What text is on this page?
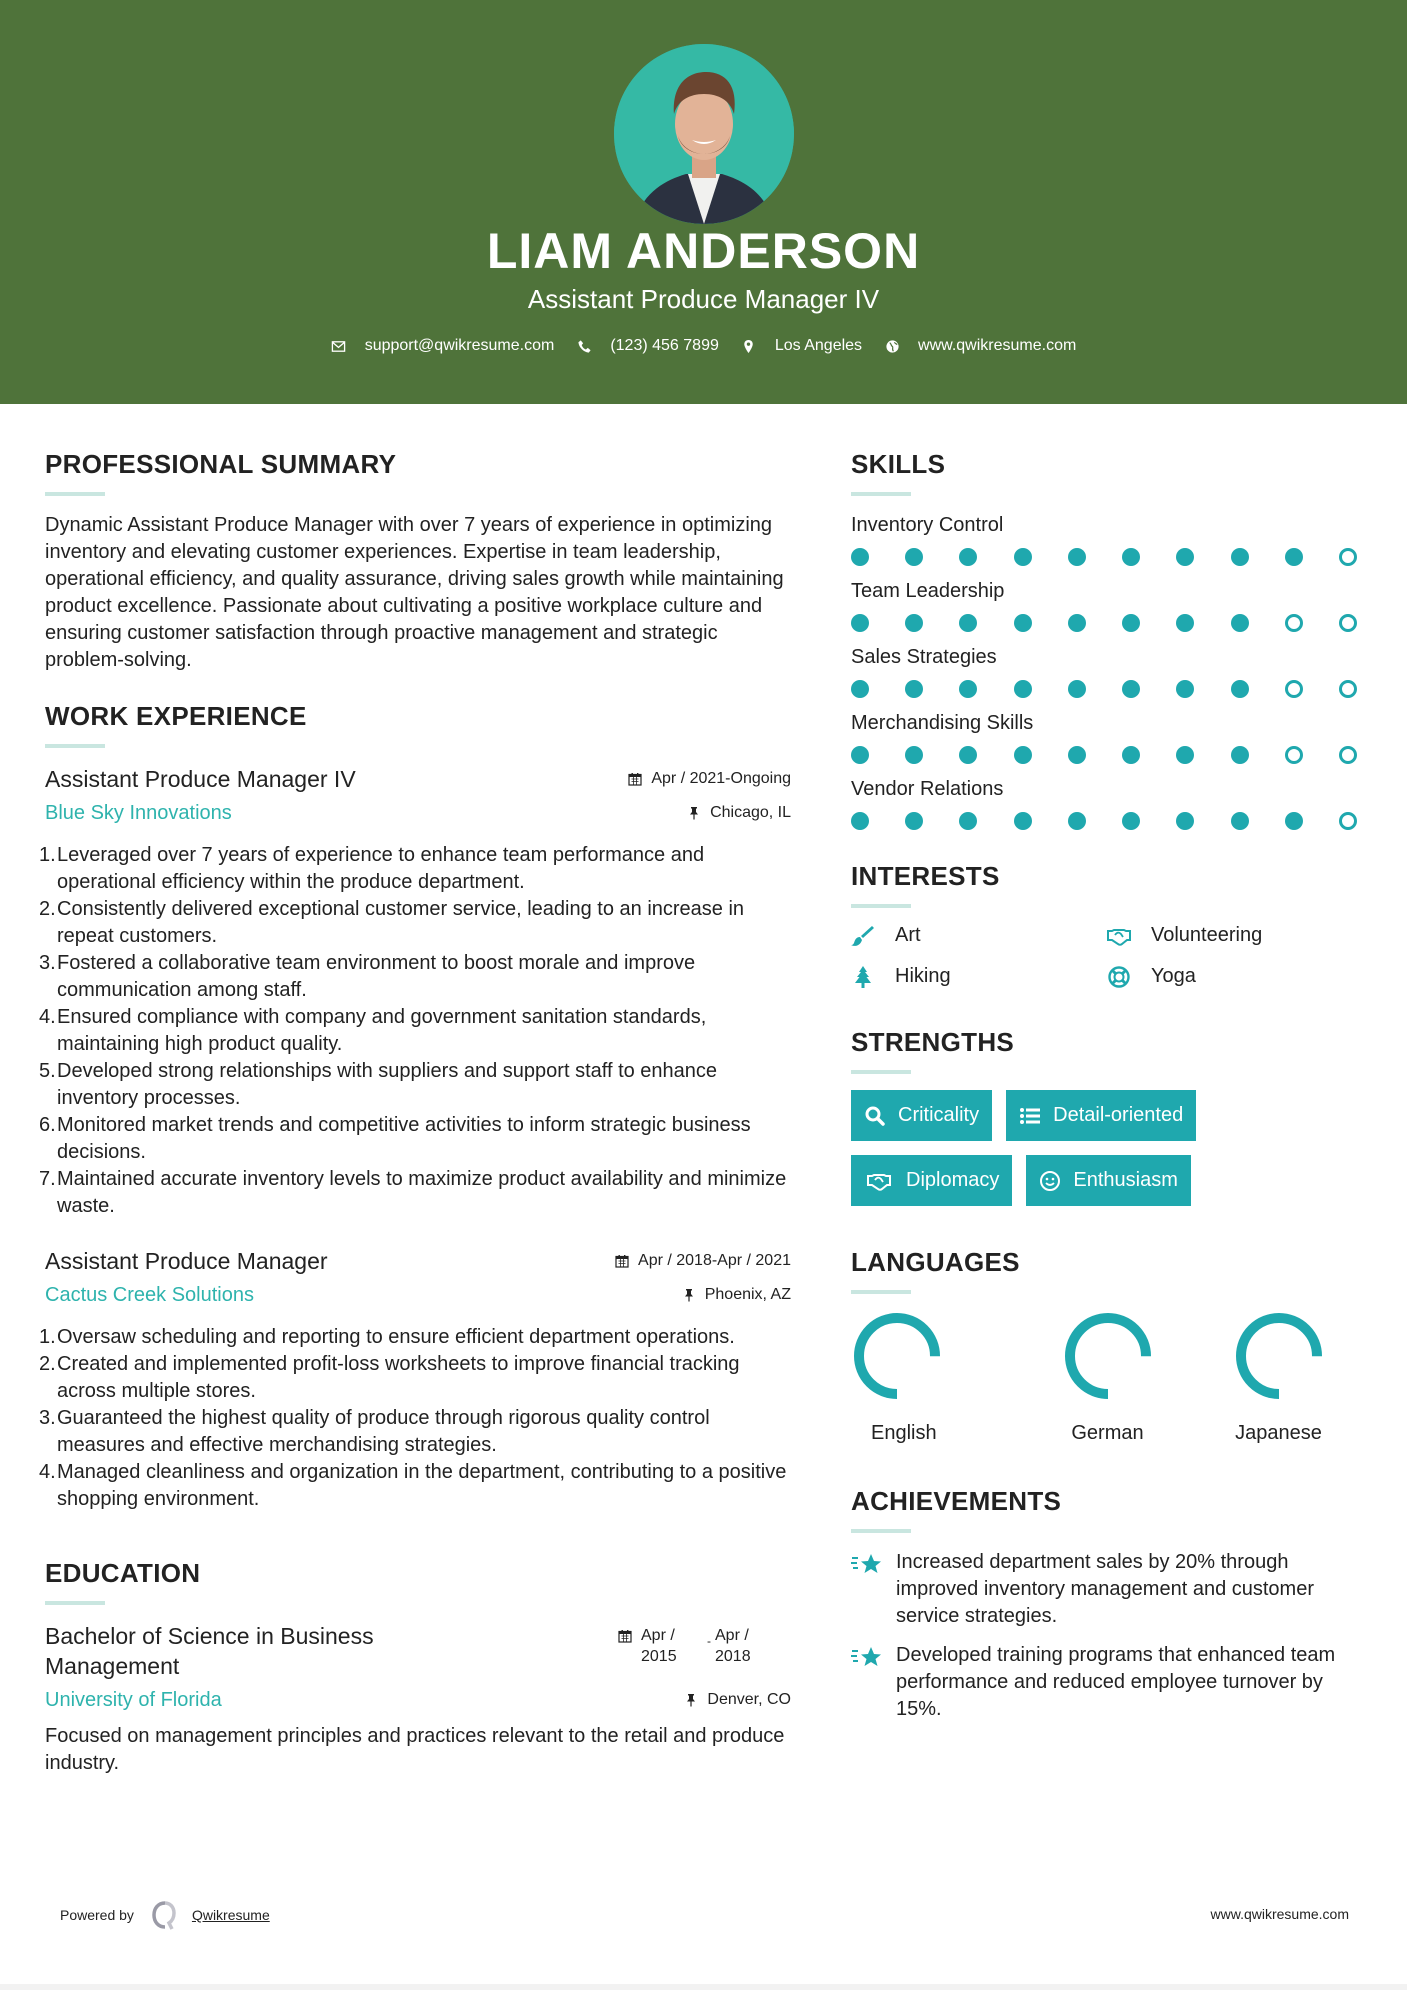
LIAM ANDERSON
Assistant Produce Manager IV
support@qwikresume.com	(123) 456 7899	Los Angeles	www.qwikresume.com
PROFESSIONAL SUMMARY

Dynamic Assistant Produce Manager with over 7 years of experience in optimizing inventory and elevating customer experiences. Expertise in team leadership, operational efficiency, and quality assurance, driving sales growth while maintaining product excellence. Passionate about cultivating a positive workplace culture and ensuring customer satisfaction through proactive management and strategic problem-solving.

WORK EXPERIENCE
Assistant Produce Manager IV	Apr / 2021-Ongoing
Blue Sky Innovations	Chicago, IL
1. Leveraged over 7 years of experience to enhance team performance and operational efficiency within the produce department.
2. Consistently delivered exceptional customer service, leading to an increase in repeat customers.
3. Fostered a collaborative team environment to boost morale and improve communication among staff.
4. Ensured compliance with company and government sanitation standards, maintaining high product quality.
5. Developed strong relationships with suppliers and support staff to enhance inventory processes.
6. Monitored market trends and competitive activities to inform strategic business decisions.
7. Maintained accurate inventory levels to maximize product availability and minimize waste.
Assistant Produce Manager	Apr / 2018-Apr / 2021
Cactus Creek Solutions	Phoenix, AZ
1. Oversaw scheduling and reporting to ensure efficient department operations.
2. Created and implemented profit-loss worksheets to improve financial tracking across multiple stores.
3. Guaranteed the highest quality of produce through rigorous quality control measures and effective merchandising strategies.
4. Managed cleanliness and organization in the department, contributing to a positive shopping environment.
EDUCATION
Bachelor of Science in Business Management
Apr / 2015
- Apr / 2018
University of Florida	Denver, CO

Focused on management principles and practices relevant to the retail and produce industry.

SKILLS
Inventory Control
Team Leadership
Sales Strategies
Merchandising Skills
Vendor Relations
INTERESTS
Art	Volunteering
Hiking	Yoga
STRENGTHS
Criticality	Detail-oriented
Diplomacy	Enthusiasm
LANGUAGES
English	German	Japanese
ACHIEVEMENTS
Increased department sales by 20% through improved inventory management and customer service strategies.
Developed training programs that enhanced team performance and reduced employee turnover by 15%.
Powered by	Qwikresume	www.qwikresume.com
